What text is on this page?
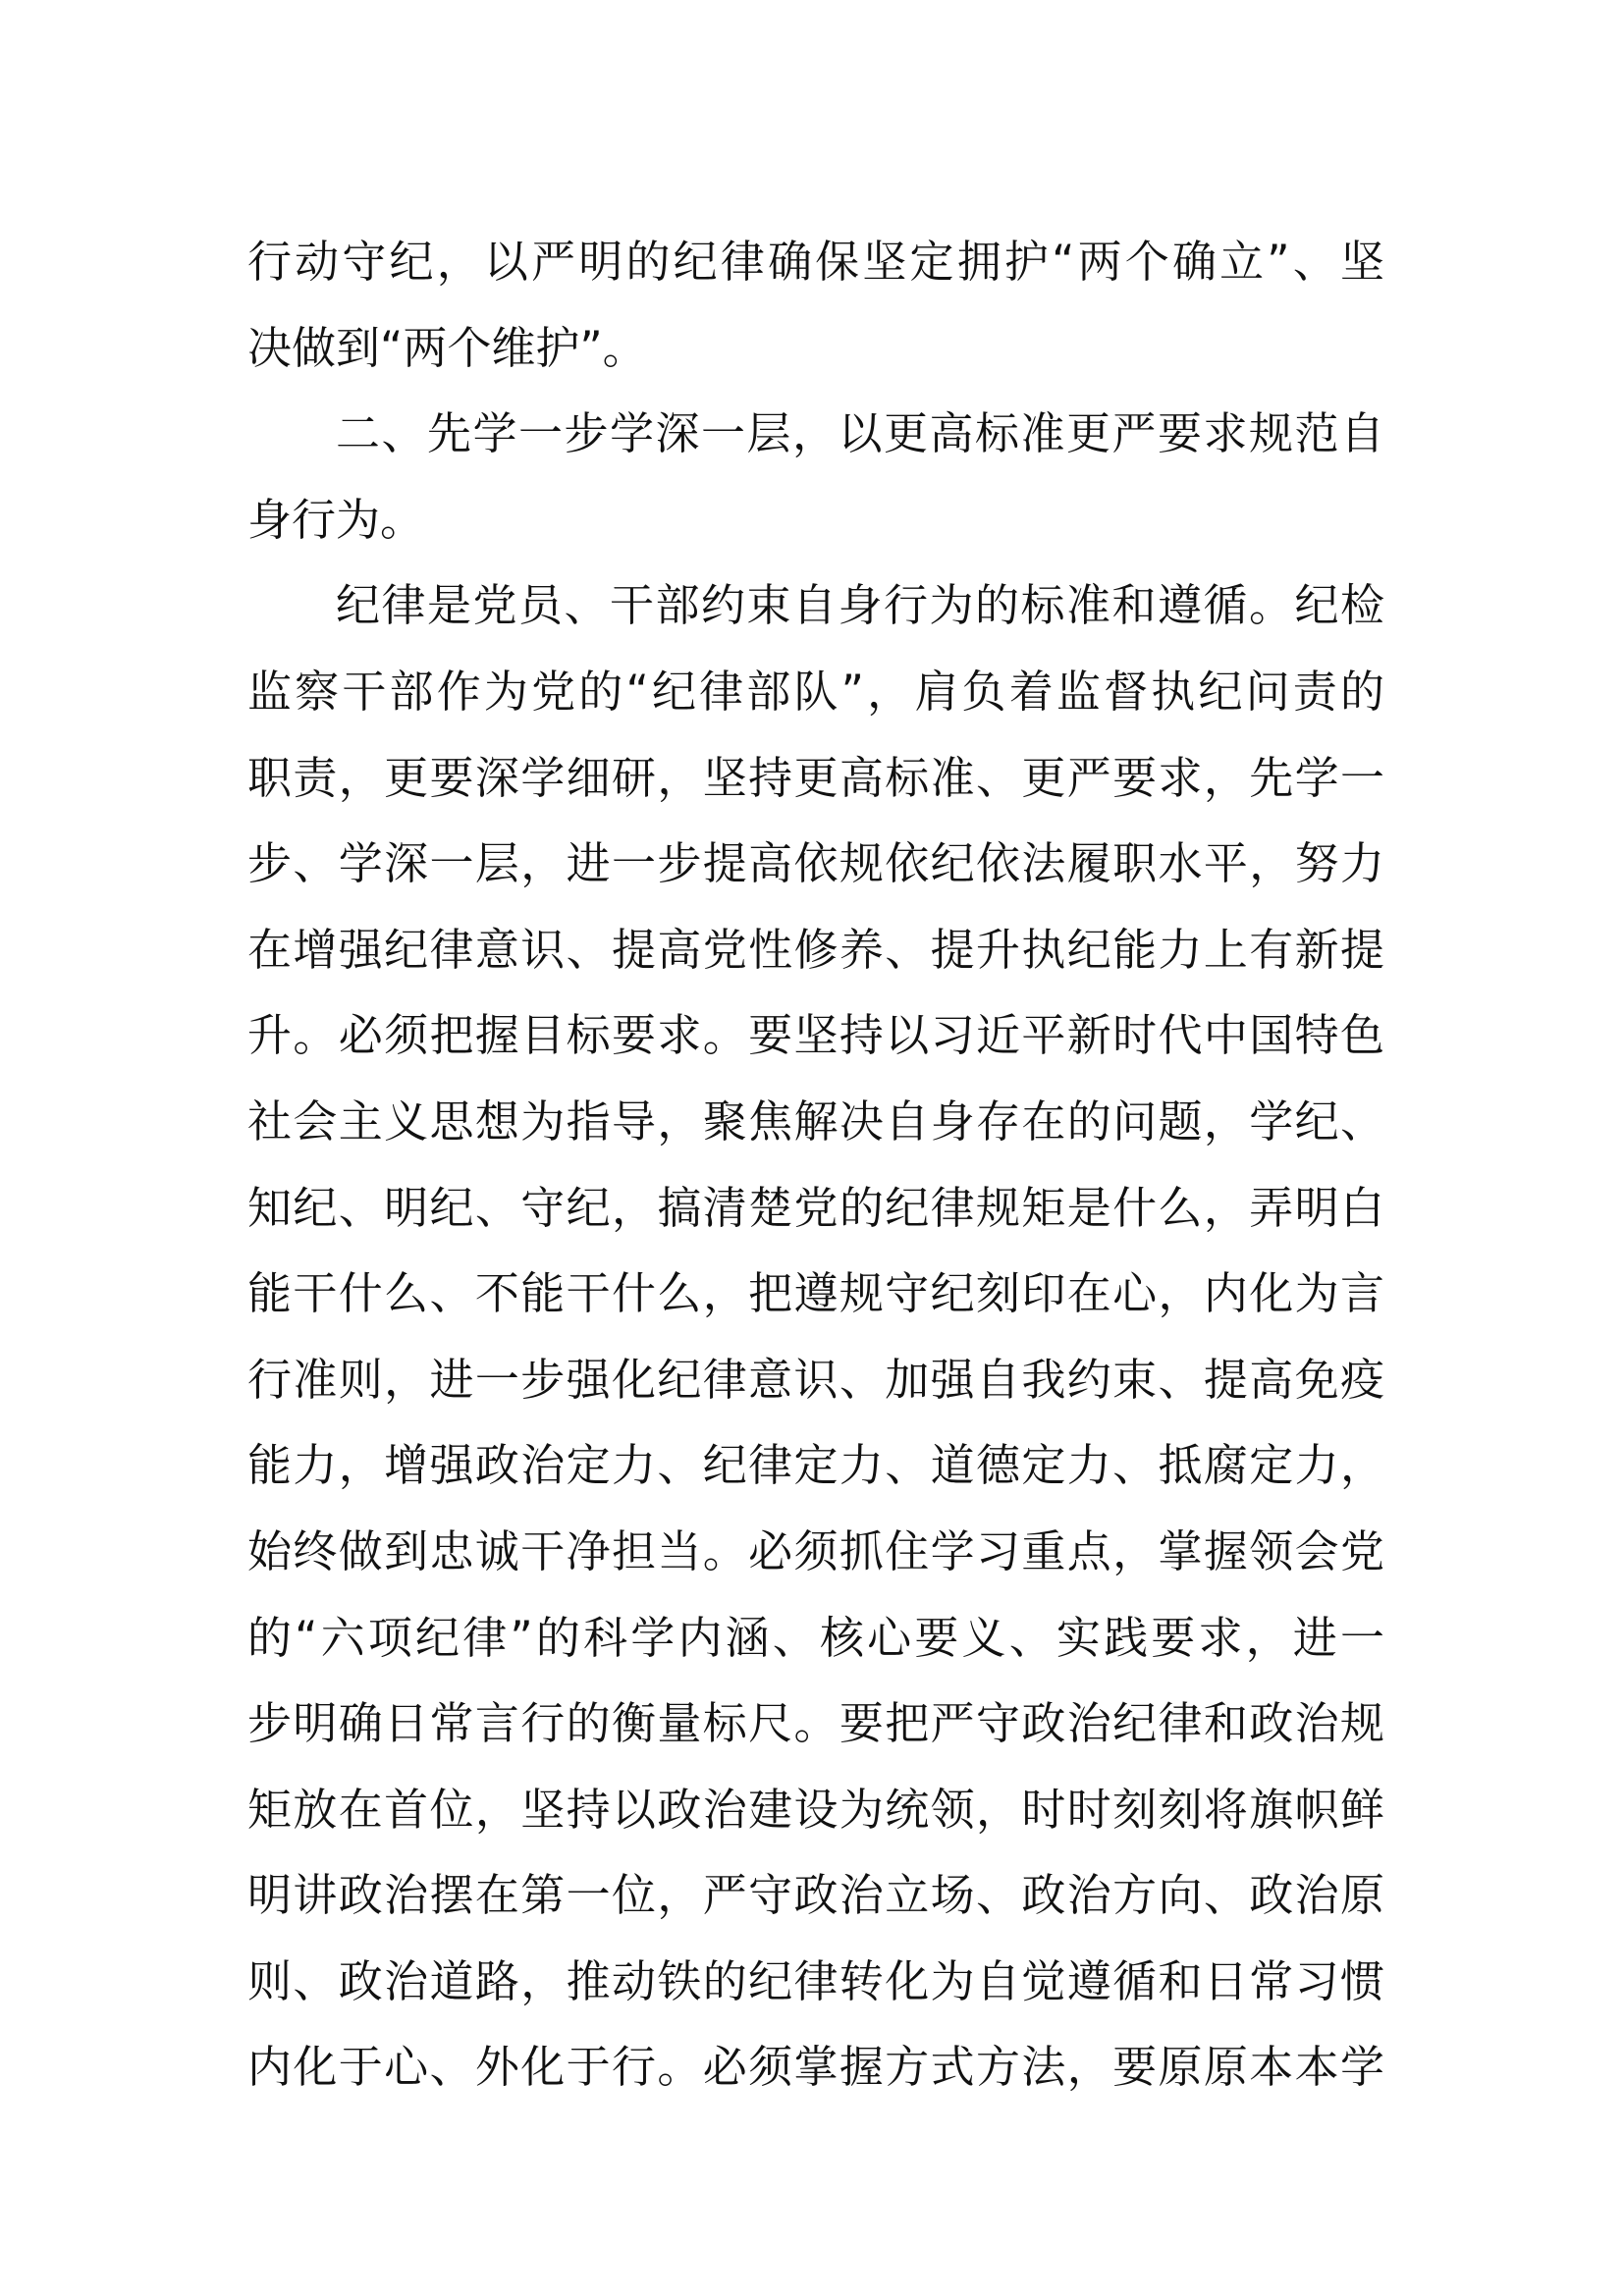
行动守纪，以严明的纪律确保坚定拥护“两个确立”、坚
决做到“两个维护”。
二、先学一步学深一层，以更高标准更严要求规范自
身行为。
纪律是党员、干部约束自身行为的标准和遵循。纪检
监察干部作为党的“纪律部队”，肩负着监督执纪问责的
职责，更要深学细研，坚持更高标准、更严要求，先学一
步、学深一层，进一步提高依规依纪依法履职水平，努力
在增强纪律意识、提高党性修养、提升执纪能力上有新提
升。必须把握目标要求。要坚持以习近平新时代中国特色
社会主义思想为指导，聚焦解决自身存在的问题，学纪、
知纪、明纪、守纪，搞清楚党的纪律规矩是什么，弄明白
能干什么、不能干什么，把遵规守纪刻印在心，内化为言
行准则，进一步强化纪律意识、加强自我约束、提高免疫
能力，增强政治定力、纪律定力、道德定力、抵腐定力，
始终做到忠诚干净担当。必须抓住学习重点，掌握领会党
的“六项纪律”的科学内涵、核心要义、实践要求，进一
步明确日常言行的衡量标尺。要把严守政治纪律和政治规
矩放在首位，坚持以政治建设为统领，时时刻刻将旗帜鲜
明讲政治摆在第一位，严守政治立场、政治方向、政治原
则、政治道路，推动铁的纪律转化为自觉遵循和日常习惯
内化于心、外化于行。必须掌握方式方法，要原原本本学
